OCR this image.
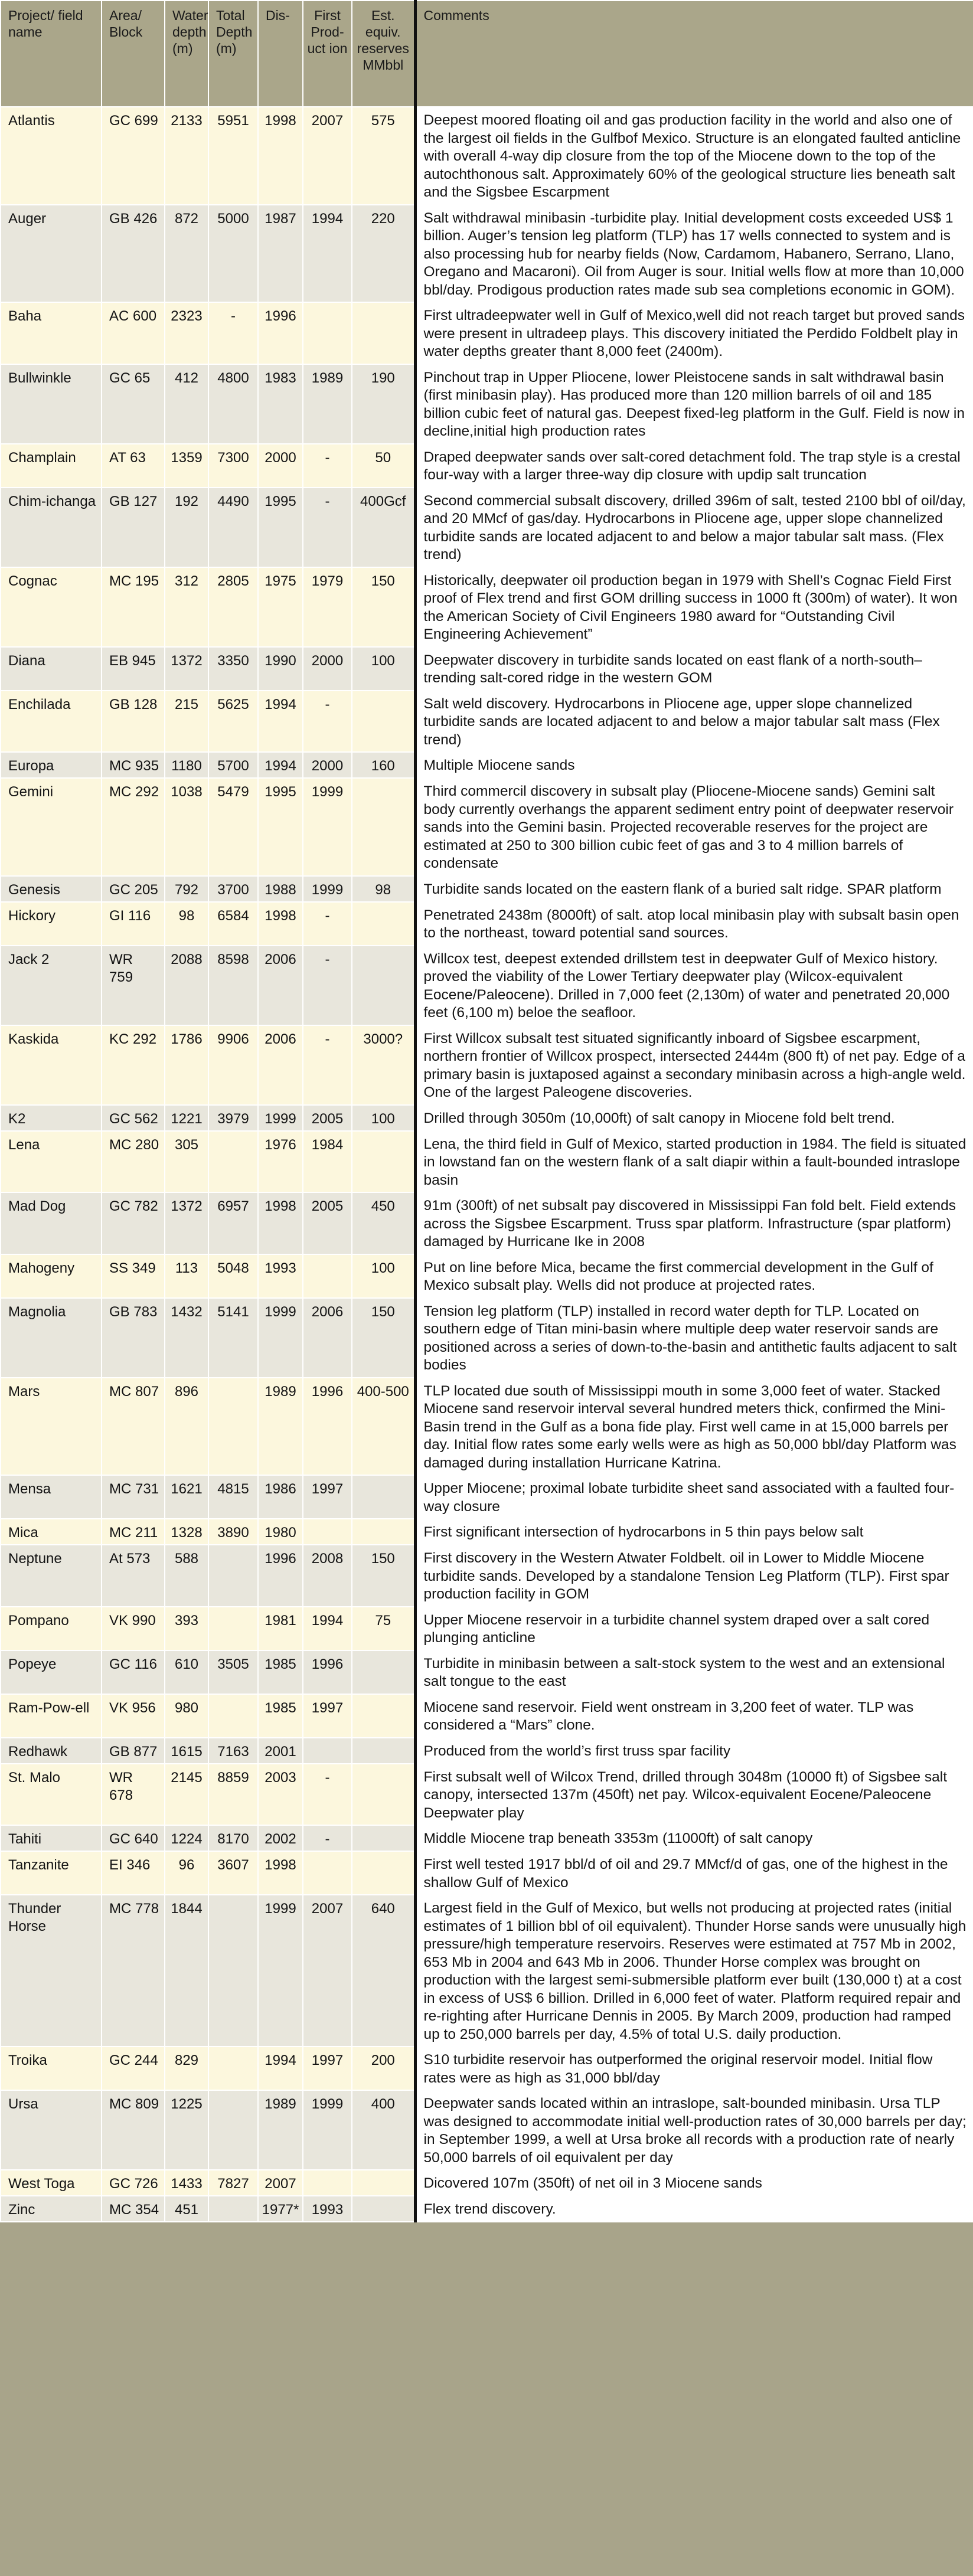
Project/ field name	Area/ Block	Water depth (m)	Total Depth (m)	Dis-	First Prod- uct ion	Est. equiv. reserves MMbbl	Comments
Atlantis	GC 699	2133	5951	1998	2007	575	Deepest moored floating oil and gas production facility in the world and also one of the largest oil fields in the Gulfbof Mexico. Structure is an elongated faulted anticline with overall 4-way dip closure from the top of the Miocene down to the top of the autochthonous salt. Approximately 60% of the geological structure lies beneath salt and the Sigsbee Escarpment
Auger	GB 426	872	5000	1987	1994	220	Salt withdrawal minibasin -turbidite play. Initial development costs exceeded US$ 1 billion. Auger’s tension leg platform (TLP) has 17 wells connected to system and is also processing hub for nearby fields (Now, Cardamom, Habanero, Serrano, Llano, Oregano and Macaroni). Oil from Auger is sour. Initial wells flow at more than 10,000 bbl/day. Prodigous production rates made sub sea completions economic in GOM).
Baha	AC 600	2323	-	1996			First ultradeepwater well in Gulf of Mexico,well did not reach target but proved sands were present in ultradeep plays. This discovery initiated the Perdido Foldbelt play in water depths greater thant 8,000 feet (2400m).
Bullwinkle	GC 65	412	4800	1983	1989	190	Pinchout trap in Upper Pliocene, lower Pleistocene sands in salt withdrawal basin (first minibasin play). Has produced more than 120 million barrels of oil and 185 billion cubic feet of natural gas. Deepest fixed-leg platform in the Gulf. Field is now in decline,initial high production rates
Champlain	AT 63	1359	7300	2000	-	50	Draped deepwater sands over salt-cored detachment fold. The trap style is a crestal four-way with a larger three-way dip closure with updip salt truncation
Chim-ichanga	GB 127	192	4490	1995	-	400Gcf	Second commercial subsalt discovery, drilled 396m of salt, tested 2100 bbl of oil/day, and 20 MMcf of gas/day. Hydrocarbons in Pliocene age, upper slope channelized turbidite sands are located adjacent to and below a major tabular salt mass. (Flex trend)
Cognac	MC 195	312	2805	1975	1979	150	Historically, deepwater oil production began in 1979 with Shell’s Cognac Field First proof of Flex trend and first GOM drilling success in 1000 ft (300m) of water). It won the American Society of Civil Engineers 1980 award for “Outstanding Civil Engineering Achievement”
Diana	EB 945	1372	3350	1990	2000	100	Deepwater discovery in turbidite sands located on east flank of a north-south–trending salt-cored ridge in the western GOM
Enchilada	GB 128	215	5625	1994	-		Salt weld discovery. Hydrocarbons in Pliocene age, upper slope channelized turbidite sands are located adjacent to and below a major tabular salt mass (Flex trend)
Europa	MC 935	1180	5700	1994	2000	160	Multiple Miocene sands
Gemini	MC 292	1038	5479	1995	1999		Third commercil discovery in subsalt play (Pliocene-Miocene sands) Gemini salt body currently overhangs the apparent sediment entry point of deepwater reservoir sands into the Gemini basin. Projected recoverable reserves for the project are estimated at 250 to 300 billion cubic feet of gas and 3 to 4 million barrels of condensate
Genesis	GC 205	792	3700	1988	1999	98	Turbidite sands located on the eastern flank of a buried salt ridge. SPAR platform
Hickory	GI 116	98	6584	1998	-		Penetrated 2438m (8000ft) of salt. atop local minibasin play with subsalt basin open to the northeast, toward potential sand sources.
Jack 2	WR 759	2088	8598	2006	-		Willcox test, deepest extended drillstem test in deepwater Gulf of Mexico history. proved the viability of the Lower Tertiary deepwater play (Wilcox-equivalent Eocene/Paleocene). Drilled in 7,000 feet (2,130m) of water and penetrated 20,000 feet (6,100 m) beloe the seafloor.
Kaskida	KC 292	1786	9906	2006	-	3000?	First Willcox subsalt test situated significantly inboard of Sigsbee escarpment, northern frontier of Willcox prospect, intersected 2444m (800 ft) of net pay. Edge of a primary basin is juxtaposed against a secondary minibasin across a high-angle weld. One of the largest Paleogene discoveries.
K2	GC 562	1221	3979	1999	2005	100	Drilled through 3050m (10,000ft) of salt canopy in Miocene fold belt trend.
Lena	MC 280	305		1976	1984		Lena, the third field in Gulf of Mexico, started production in 1984. The field is situated in lowstand fan on the western flank of a salt diapir within a fault-bounded intraslope basin
Mad Dog	GC 782	1372	6957	1998	2005	450	91m (300ft) of net subsalt pay discovered in Mississippi Fan fold belt. Field extends across the Sigsbee Escarpment. Truss spar platform. Infrastructure (spar platform) damaged by Hurricane Ike in 2008
Mahogeny	SS 349	113	5048	1993		100	Put on line before Mica, became the first commercial development in the Gulf of Mexico subsalt play. Wells did not produce at projected rates.
Magnolia	GB 783	1432	5141	1999	2006	150	Tension leg platform (TLP) installed in record water depth for TLP. Located on southern edge of Titan mini-basin where multiple deep water reservoir sands are positioned across a series of down-to-the-basin and antithetic faults adjacent to salt bodies
Mars	MC 807	896		1989	1996	400-500	TLP located due south of Mississippi mouth in some 3,000 feet of water. Stacked Miocene sand reservoir interval several hundred meters thick, confirmed the Mini-Basin trend in the Gulf as a bona fide play. First well came in at 15,000 barrels per day. Initial flow rates some early wells were as high as 50,000 bbl/day Platform was damaged during installation Hurricane Katrina.
Mensa	MC 731	1621	4815	1986	1997		Upper Miocene; proximal lobate turbidite sheet sand associated with a faulted four-way closure
Mica	MC 211	1328	3890	1980			First significant intersection of hydrocarbons in 5 thin pays below salt
Neptune	At 573	588		1996	2008	150	First discovery in the Western Atwater Foldbelt. oil in Lower to Middle Miocene turbidite sands. Developed by a standalone Tension Leg Platform (TLP). First spar production facility in GOM
Pompano	VK 990	393		1981	1994	75	Upper Miocene reservoir in a turbidite channel system draped over a salt cored plunging anticline
Popeye	GC 116	610	3505	1985	1996		Turbidite in minibasin between a salt-stock system to the west and an extensional salt tongue to the east
Ram-Pow-ell	VK 956	980		1985	1997		Miocene sand reservoir. Field went onstream in 3,200 feet of water. TLP was considered a “Mars” clone.
Redhawk	GB 877	1615	7163	2001			Produced from the world’s first truss spar facility
St. Malo	WR 678	2145	8859	2003	-		First subsalt well of Wilcox Trend, drilled through 3048m (10000 ft) of Sigsbee salt canopy, intersected 137m (450ft) net pay. Wilcox-equivalent Eocene/Paleocene Deepwater play
Tahiti	GC 640	1224	8170	2002	-		Middle Miocene trap beneath 3353m (11000ft) of salt canopy
Tanzanite	EI 346	96	3607	1998			First well tested 1917 bbl/d of oil and 29.7 MMcf/d of gas, one of the highest in the shallow Gulf of Mexico
Thunder Horse	MC 778	1844		1999	2007	640	Largest field in the Gulf of Mexico, but wells not producing at projected rates (initial estimates of 1 billion bbl of oil equivalent). Thunder Horse sands were unusually high pressure/high temperature reservoirs. Reserves were estimated at 757 Mb in 2002, 653 Mb in 2004 and 643 Mb in 2006. Thunder Horse complex was brought on production with the largest semi-submersible platform ever built (130,000 t) at a cost in excess of US$ 6 billion. Drilled in 6,000 feet of water. Platform required repair and re-righting after Hurricane Dennis in 2005. By March 2009, production had ramped up to 250,000 barrels per day, 4.5% of total U.S. daily production.
Troika	GC 244	829		1994	1997	200	S10 turbidite reservoir has outperformed the original reservoir model. Initial flow rates were as high as 31,000 bbl/day
Ursa	MC 809	1225		1989	1999	400	Deepwater sands located within an intraslope, salt-bounded minibasin. Ursa TLP was designed to accommodate initial well-production rates of 30,000 barrels per day; in September 1999, a well at Ursa broke all records with a production rate of nearly 50,000 barrels of oil equivalent per day
West Toga	GC 726	1433	7827	2007			Dicovered 107m (350ft) of net oil in 3 Miocene sands
Zinc	MC 354	451		1977*	1993		Flex trend discovery.
